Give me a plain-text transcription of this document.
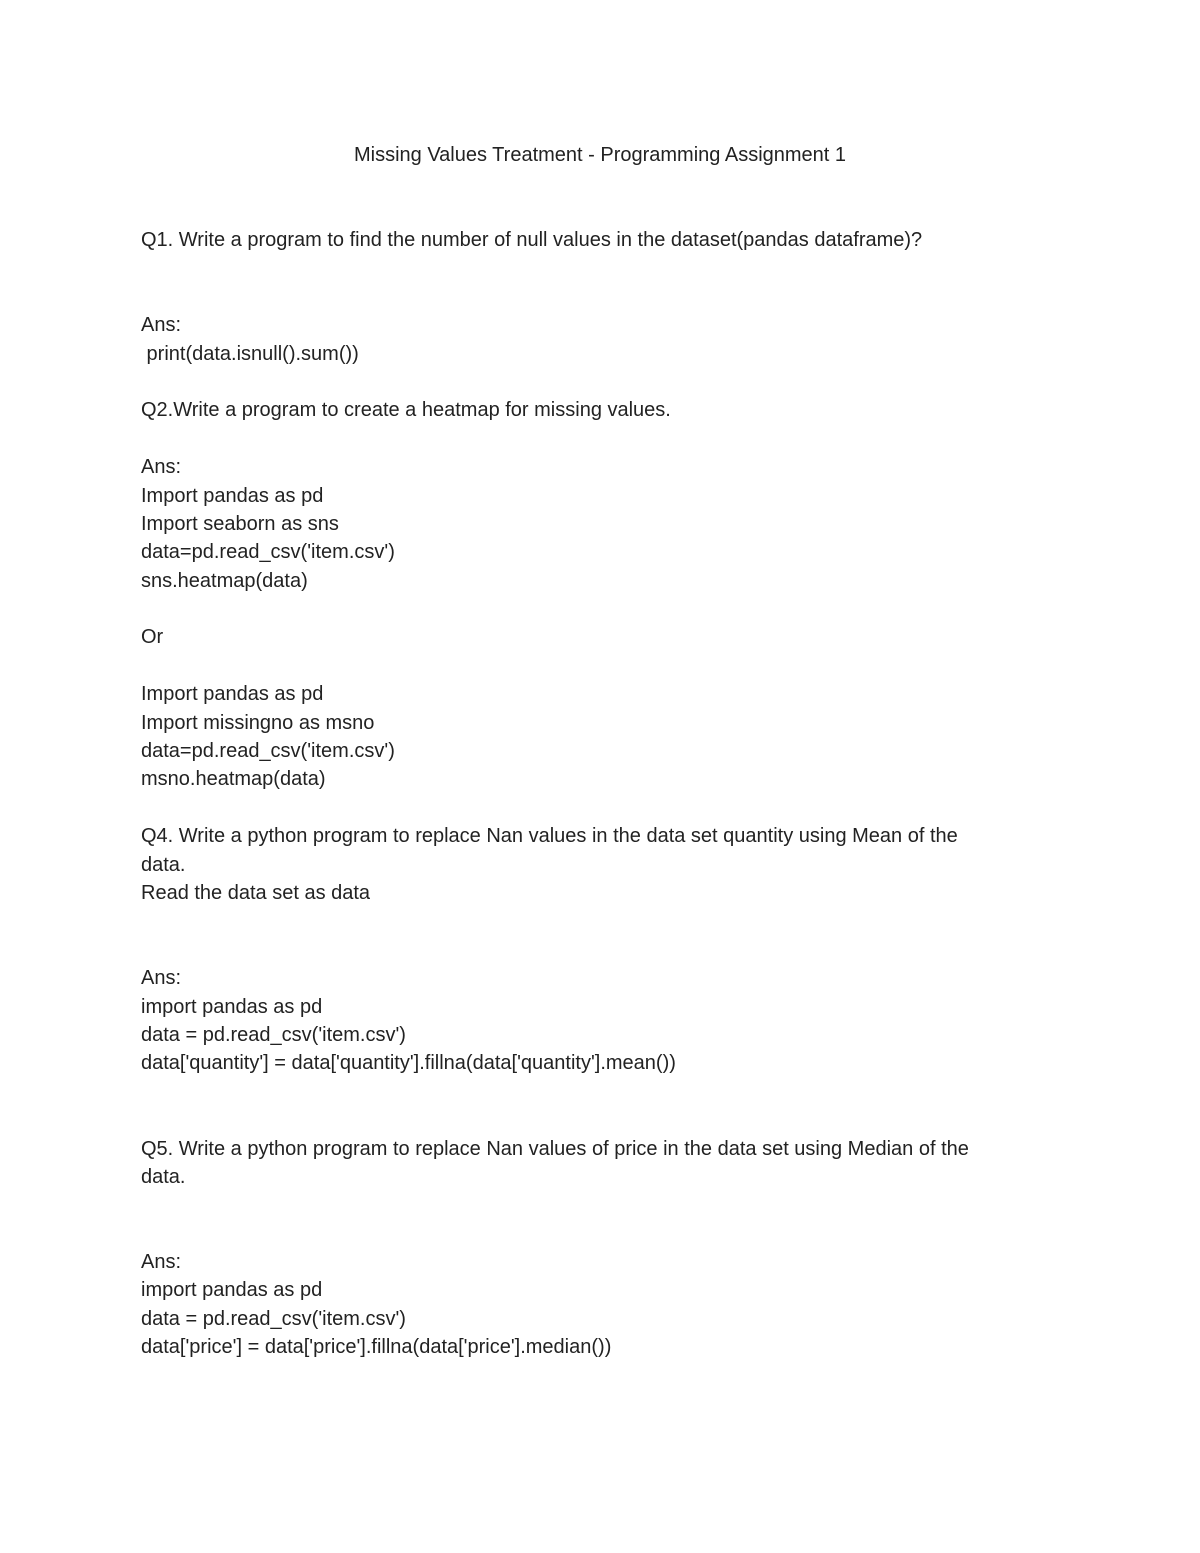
Missing Values Treatment - Programming Assignment 1
Q1. Write a program to find the number of null values in the dataset(pandas dataframe)?
Ans:
print(data.isnull().sum())
Q2.Write a program to create a heatmap for missing values.
Ans:
Import pandas as pd
Import seaborn as sns
data=pd.read_csv('item.csv')
sns.heatmap(data)
Or
Import pandas as pd
Import missingno as msno
data=pd.read_csv('item.csv')
msno.heatmap(data)
Q4. Write a python program to replace Nan values in the data set quantity using Mean of the
data.
Read the data set as data
Ans:
import pandas as pd
data = pd.read_csv('item.csv')
data['quantity'] = data['quantity'].fillna(data['quantity'].mean())
Q5. Write a python program to replace Nan values of price in the data set using Median of the
data.
Ans:
import pandas as pd
data = pd.read_csv('item.csv')
data['price'] = data['price'].fillna(data['price'].median())
